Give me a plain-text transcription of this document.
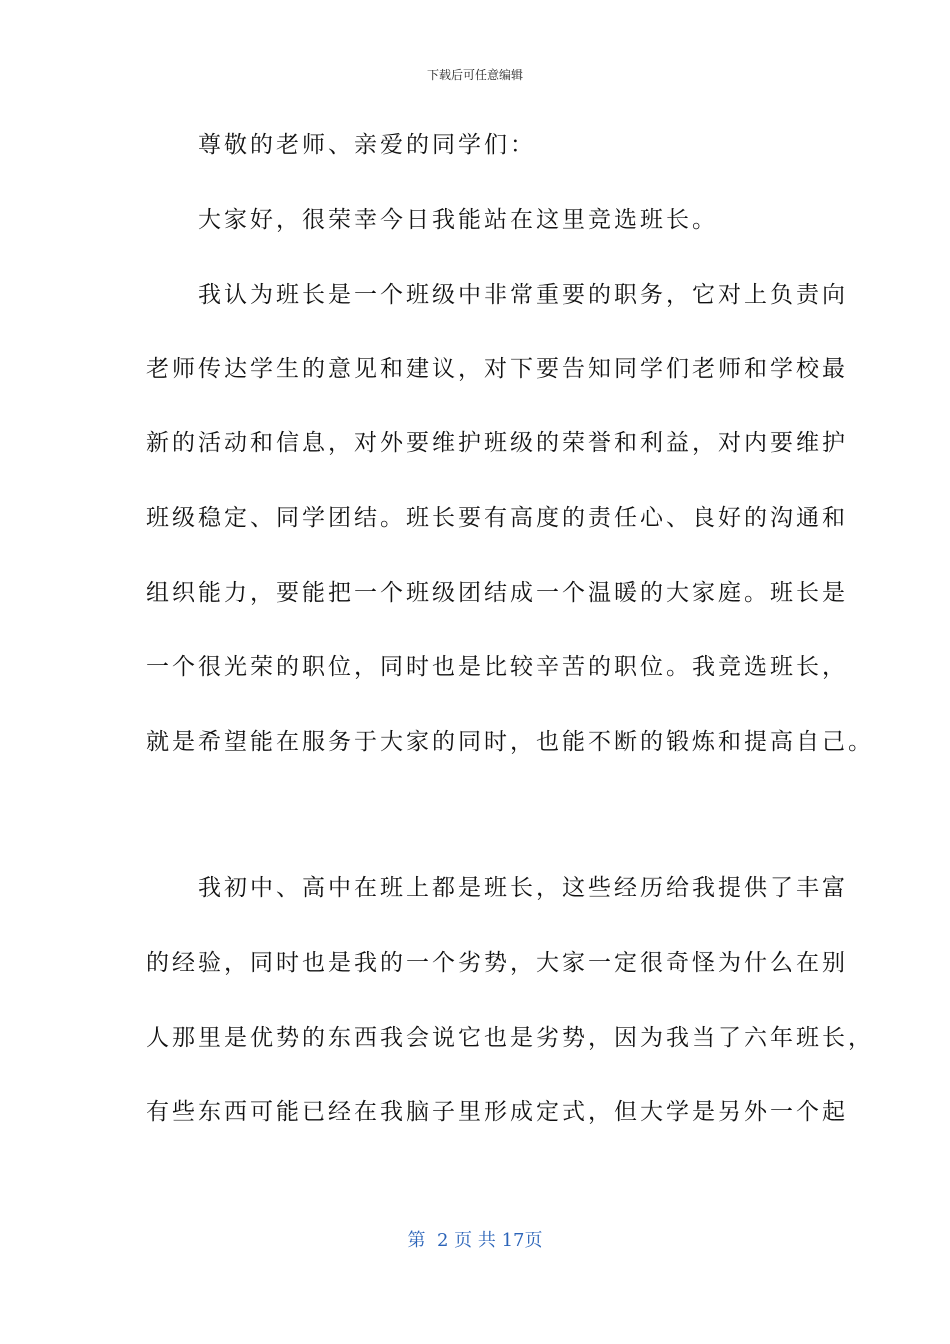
下载后可任意编辑
　　尊敬的老师、亲爱的同学们：
　　大家好，很荣幸今日我能站在这里竞选班长。
　　我认为班长是一个班级中非常重要的职务，它对上负责向
老师传达学生的意见和建议，对下要告知同学们老师和学校最
新的活动和信息，对外要维护班级的荣誉和利益，对内要维护
班级稳定、同学团结。班长要有高度的责任心、良好的沟通和
组织能力，要能把一个班级团结成一个温暖的大家庭。班长是
一个很光荣的职位，同时也是比较辛苦的职位。我竞选班长，
就是希望能在服务于大家的同时，也能不断的锻炼和提高自己。
　　我初中、高中在班上都是班长，这些经历给我提供了丰富
的经验，同时也是我的一个劣势，大家一定很奇怪为什么在别
人那里是优势的东西我会说它也是劣势，因为我当了六年班长，
有些东西可能已经在我脑子里形成定式，但大学是另外一个起
第  2 页 共 17页
